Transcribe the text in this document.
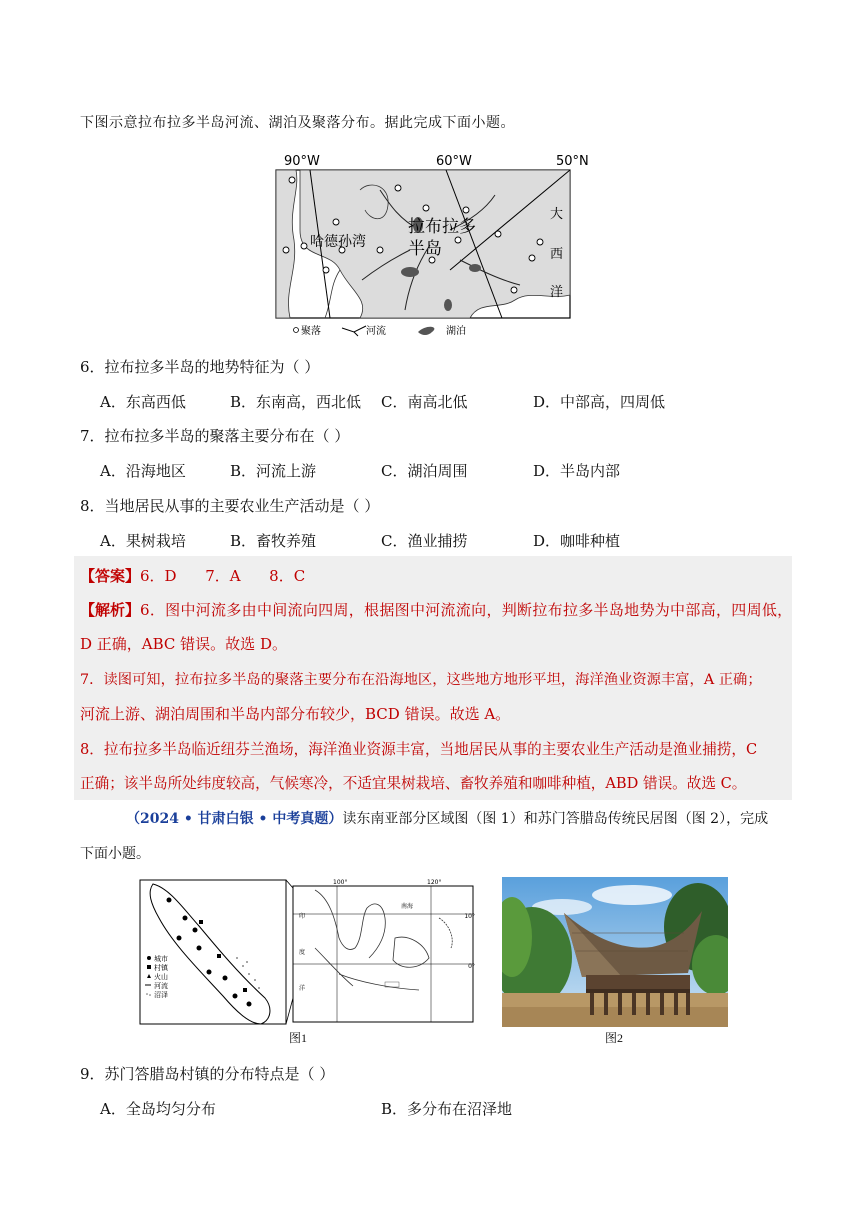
下图示意拉布拉多半岛河流、湖泊及聚落分布。据此完成下面小题。
90°W	60°W	50°N
哈德孙湾
拉布拉多
半岛
大
西
洋
聚落	河流	湖泊
6．拉布拉多半岛的地势特征为（ ）
A．东高西低	B．东南高，西北低 C．南高北低	D．中部高，四周低
7．拉布拉多半岛的聚落主要分布在（ ）
A．沿海地区	B．河流上游	C．湖泊周围	D．半岛内部
8．当地居民从事的主要农业生产活动是（ ）
A．果树栽培	B．畜牧养殖	C．渔业捕捞	D．咖啡种植
【答案】6．D      7．A      8．C
【解析】6．图中河流多由中间流向四周，根据图中河流流向，判断拉布拉多半岛地势为中部高，四周低，
D 正确，ABC 错误。故选 D。
7．读图可知，拉布拉多半岛的聚落主要分布在沿海地区，这些地方地形平坦，海洋渔业资源丰富，A 正确；
河流上游、湖泊周围和半岛内部分布较少，BCD 错误。故选 A。
8．拉布拉多半岛临近纽芬兰渔场，海洋渔业资源丰富，当地居民从事的主要农业生产活动是渔业捕捞，C
正确；该半岛所处纬度较高，气候寒冷，不适宜果树栽培、畜牧养殖和咖啡种植，ABD 错误。故选 C。
（2024 • 甘肃白银 • 中考真题）读东南亚部分区域图（图 1）和苏门答腊岛传统民居图（图 2），完成
下面小题。
城市
村镇
火山
河流
沼泽
100°	120°
10°
0°
南海
印
度
洋
图1	图2
9．苏门答腊岛村镇的分布特点是（ ）
A．全岛均匀分布	B．多分布在沼泽地
